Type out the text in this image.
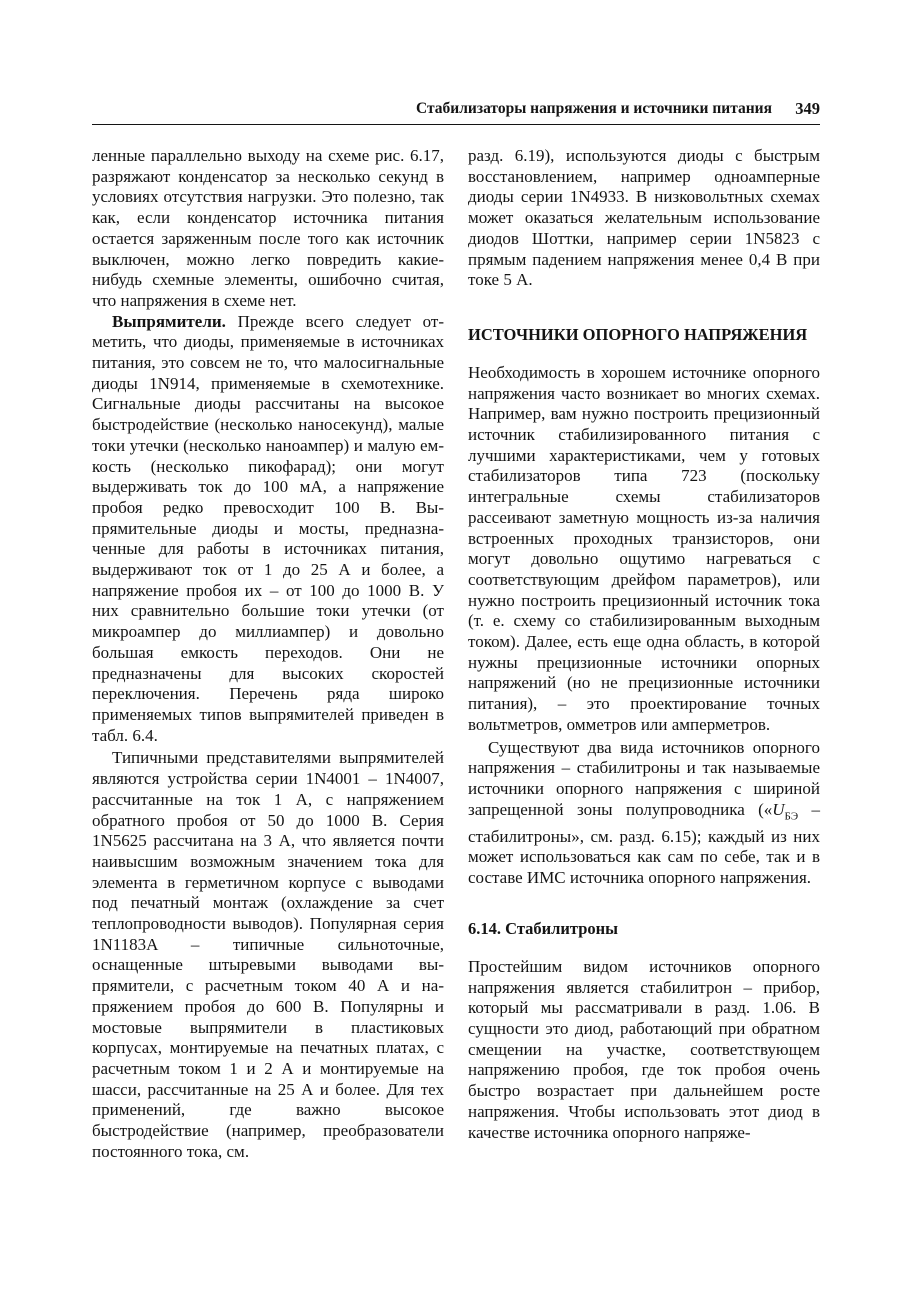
Стабилизаторы напряжения и источники питания 349

ленные параллельно выходу на схеме рис. 6.17, разряжают конденсатор за несколько секунд в условиях отсутствия нагрузки. Это полезно, так как, если конденсатор источника питания остается заряженным после того как источник выключен, можно легко повредить какие-нибудь схемные элементы, ошибочно считая, что напряжения в схеме нет.

Выпрямители. Прежде всего следует отметить, что диоды, применяемые в источниках питания, это совсем не то, что малосигнальные диоды 1N914, применяемые в схемотехнике. Сигнальные диоды рассчитаны на высокое быстродействие (несколько наносекунд), малые токи утечки (несколько наноампер) и малую емкость (несколько пикофарад); они могут выдерживать ток до 100 мА, а напряжение пробоя редко превосходит 100 В. Выпрямительные диоды и мосты, предназначенные для работы в источниках питания, выдерживают ток от 1 до 25 А и более, а напряжение пробоя их – от 100 до 1000 В. У них сравнительно большие токи утечки (от микроампер до миллиампер) и довольно большая емкость переходов. Они не предназначены для высоких скоростей переключения. Перечень ряда широко применяемых типов выпрямителей приведен в табл. 6.4.

Типичными представителями выпрямителей являются устройства серии 1N4001 – 1N4007, рассчитанные на ток 1 А, с напряжением обратного пробоя от 50 до 1000 В. Серия 1N5625 рассчитана на 3 А, что является почти наивысшим возможным значением тока для элемента в герметичном корпусе с выводами под печатный монтаж (охлаждение за счет теплопроводности выводов). Популярная серия 1N1183A – типичные сильноточные, оснащенные штыревыми выводами выпрямители, с расчетным током 40 А и напряжением пробоя до 600 В. Популярны и мостовые выпрямители в пластиковых корпусах, монтируемые на печатных платах, с расчетным током 1 и 2 А и монтируемые на шасси, рассчитанные на 25 А и более. Для тех применений, где важно высокое быстродействие (например, преобразователи постоянного тока, см.

разд. 6.19), используются диоды с быстрым восстановлением, например одноамперные диоды серии 1N4933. В низковольтных схемах может оказаться желательным использование диодов Шоттки, например серии 1N5823 с прямым падением напряжения менее 0,4 В при токе 5 А.

ИСТОЧНИКИ ОПОРНОГО НАПРЯЖЕНИЯ

Необходимость в хорошем источнике опорного напряжения часто возникает во многих схемах. Например, вам нужно построить прецизионный источник стабилизированного питания с лучшими характеристиками, чем у готовых стабилизаторов типа 723 (поскольку интегральные схемы стабилизаторов рассеивают заметную мощность из-за наличия встроенных проходных транзисторов, они могут довольно ощутимо нагреваться с соответствующим дрейфом параметров), или нужно построить прецизионный источник тока (т. е. схему со стабилизированным выходным током). Далее, есть еще одна область, в которой нужны прецизионные источники опорных напряжений (но не прецизионные источники питания), – это проектирование точных вольтметров, омметров или амперметров.

Существуют два вида источников опорного напряжения – стабилитроны и так называемые источники опорного напряжения с шириной запрещенной зоны полупроводника («$U_{БЭ}$ – стабилитроны», см. разд. 6.15); каждый из них может использоваться как сам по себе, так и в составе ИМС источника опорного напряжения.

6.14. Стабилитроны

Простейшим видом источников опорного напряжения является стабилитрон – прибор, который мы рассматривали в разд. 1.06. В сущности это диод, работающий при обратном смещении на участке, соответствующем напряжению пробоя, где ток пробоя очень быстро возрастает при дальнейшем росте напряжения. Чтобы использовать этот диод в качестве источника опорного напряже-
